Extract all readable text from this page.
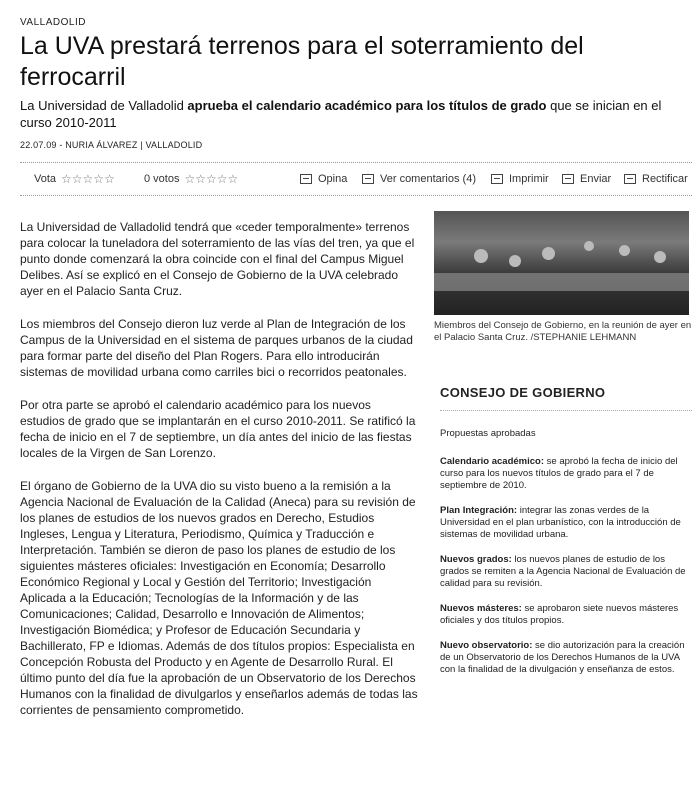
VALLADOLID
La UVA prestará terrenos para el soterramiento del ferrocarril

La Universidad de Valladolid aprueba el calendario académico para los títulos de grado que se inician en el curso 2010-2011

22.07.09 - NURIA ÁLVAREZ | VALLADOLID
Vota ☆☆☆☆☆	0 votos ☆☆☆☆☆	Opina	Ver comentarios (4)	Imprimir	Enviar	Rectificar

La Universidad de Valladolid tendrá que «ceder temporalmente» terrenos para colocar la tuneladora del soterramiento de las vías del tren, ya que el punto donde comenzará la obra coincide con el final del Campus Miguel Delibes. Así se explicó en el Consejo de Gobierno de la UVA celebrado ayer en el Palacio Santa Cruz.

Los miembros del Consejo dieron luz verde al Plan de Integración de los Campus de la Universidad en el sistema de parques urbanos de la ciudad para formar parte del diseño del Plan Rogers. Para ello introducirán sistemas de movilidad urbana como carriles bici o recorridos peatonales.

Por otra parte se aprobó el calendario académico para los nuevos estudios de grado que se implantarán en el curso 2010-2011. Se ratificó la fecha de inicio en el 7 de septiembre, un día antes del inicio de las fiestas locales de la Virgen de San Lorenzo.

El órgano de Gobierno de la UVA dio su visto bueno a la remisión a la Agencia Nacional de Evaluación de la Calidad (Aneca) para su revisión de los planes de estudios de los nuevos grados en Derecho, Estudios Ingleses, Lengua y Literatura, Periodismo, Química y Traducción e Interpretación. También se dieron de paso los planes de estudio de los siguientes másteres oficiales: Investigación en Economía; Desarrollo Económico Regional y Local y Gestión del Territorio; Investigación Aplicada a la Educación; Tecnologías de la Información y de las Comunicaciones; Calidad, Desarrollo e Innovación de Alimentos; Investigación Biomédica; y Profesor de Educación Secundaria y Bachillerato, FP e Idiomas. Además de dos títulos propios: Especialista en Concepción Robusta del Producto y en Agente de Desarrollo Rural. El último punto del día fue la aprobación de un Observatorio de los Derechos Humanos con la finalidad de divulgarlos y enseñarlos además de todas las corrientes de pensamiento comprometido.

Miembros del Consejo de Gobierno, en la reunión de ayer en el Palacio Santa Cruz. /STEPHANIE LEHMANN
CONSEJO DE GOBIERNO
Propuestas aprobadas
Calendario académico: se aprobó la fecha de inicio del curso para los nuevos títulos de grado para el 7 de septiembre de 2010.
Plan Integración: integrar las zonas verdes de la Universidad en el plan urbanístico, con la introducción de sistemas de movilidad urbana.
Nuevos grados: los nuevos planes de estudio de los grados se remiten a la Agencia Nacional de Evaluación de calidad para su revisión.
Nuevos másteres: se aprobaron siete nuevos másteres oficiales y dos títulos propios.
Nuevo observatorio: se dio autorización para la creación de un Observatorio de los Derechos Humanos de la UVA con la finalidad de la divulgación y enseñanza de estos.
